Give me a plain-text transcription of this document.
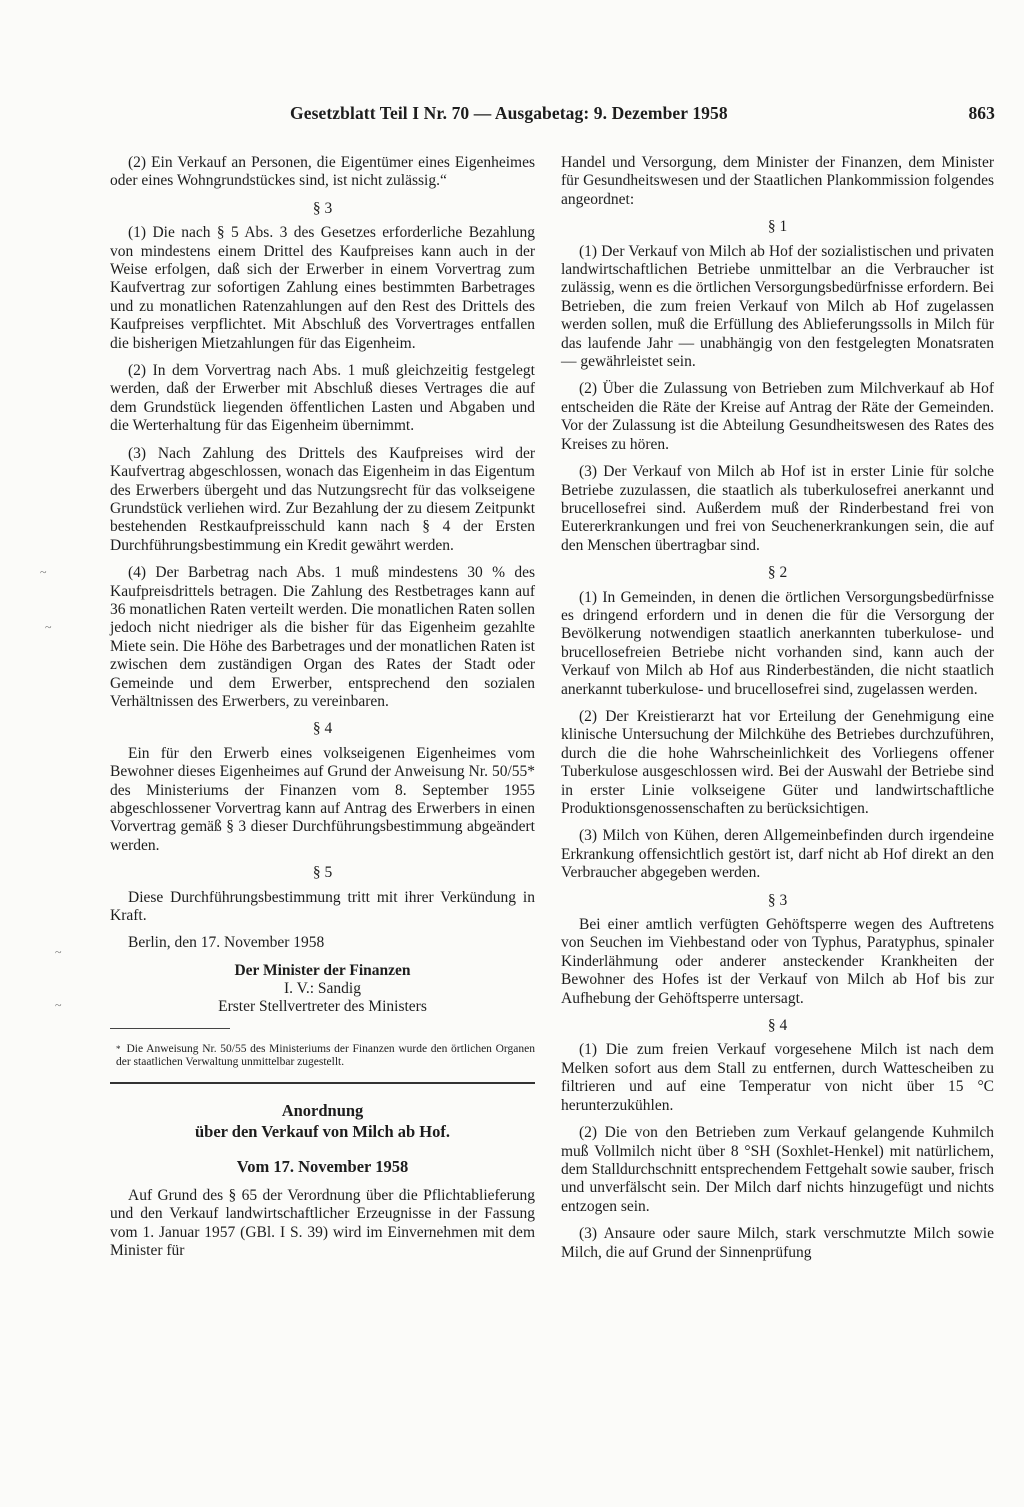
Gesetzblatt Teil I Nr. 70 — Ausgabetag: 9. Dezember 1958	863

(2) Ein Verkauf an Personen, die Eigentümer eines Eigenheimes oder eines Wohngrundstückes sind, ist nicht zulässig.“

§ 3

(1) Die nach § 5 Abs. 3 des Gesetzes erforderliche Bezahlung von mindestens einem Drittel des Kaufpreises kann auch in der Weise erfolgen, daß sich der Erwerber in einem Vorvertrag zum Kaufvertrag zur sofortigen Zahlung eines bestimmten Barbetrages und zu monatlichen Ratenzahlungen auf den Rest des Drittels des Kaufpreises verpflichtet. Mit Abschluß des Vorvertrages entfallen die bisherigen Mietzahlungen für das Eigenheim.

(2) In dem Vorvertrag nach Abs. 1 muß gleichzeitig festgelegt werden, daß der Erwerber mit Abschluß dieses Vertrages die auf dem Grundstück liegenden öffentlichen Lasten und Abgaben und die Werterhaltung für das Eigenheim übernimmt.

(3) Nach Zahlung des Drittels des Kaufpreises wird der Kaufvertrag abgeschlossen, wonach das Eigenheim in das Eigentum des Erwerbers übergeht und das Nutzungsrecht für das volkseigene Grundstück verliehen wird. Zur Bezahlung der zu diesem Zeitpunkt bestehenden Restkaufpreisschuld kann nach § 4 der Ersten Durchführungsbestimmung ein Kredit gewährt werden.

(4) Der Barbetrag nach Abs. 1 muß mindestens 30 % des Kaufpreisdrittels betragen. Die Zahlung des Restbetrages kann auf 36 monatlichen Raten verteilt werden. Die monatlichen Raten sollen jedoch nicht niedriger als die bisher für das Eigenheim gezahlte Miete sein. Die Höhe des Barbetrages und der monatlichen Raten ist zwischen dem zuständigen Organ des Rates der Stadt oder Gemeinde und dem Erwerber, entsprechend den sozialen Verhältnissen des Erwerbers, zu vereinbaren.

§ 4

Ein für den Erwerb eines volkseigenen Eigenheimes vom Bewohner dieses Eigenheimes auf Grund der Anweisung Nr. 50/55* des Ministeriums der Finanzen vom 8. September 1955 abgeschlossener Vorvertrag kann auf Antrag des Erwerbers in einen Vorvertrag gemäß § 3 dieser Durchführungsbestimmung abgeändert werden.

§ 5

Diese Durchführungsbestimmung tritt mit ihrer Verkündung in Kraft.

Berlin, den 17. November 1958

Der Minister der Finanzen
I. V.: Sandig
Erster Stellvertreter des Ministers
* Die Anweisung Nr. 50/55 des Ministeriums der Finanzen wurde den örtlichen Organen der staatlichen Verwaltung unmittelbar zugestellt.
Anordnung
über den Verkauf von Milch ab Hof.
Vom 17. November 1958

Auf Grund des § 65 der Verordnung über die Pflichtablieferung und den Verkauf landwirtschaftlicher Erzeugnisse in der Fassung vom 1. Januar 1957 (GBl. I S. 39) wird im Einvernehmen mit dem Minister für

Handel und Versorgung, dem Minister der Finanzen, dem Minister für Gesundheitswesen und der Staatlichen Plankommission folgendes angeordnet:

§ 1

(1) Der Verkauf von Milch ab Hof der sozialistischen und privaten landwirtschaftlichen Betriebe unmittelbar an die Verbraucher ist zulässig, wenn es die örtlichen Versorgungsbedürfnisse erfordern. Bei Betrieben, die zum freien Verkauf von Milch ab Hof zugelassen werden sollen, muß die Erfüllung des Ablieferungssolls in Milch für das laufende Jahr — unabhängig von den festgelegten Monatsraten — gewährleistet sein.

(2) Über die Zulassung von Betrieben zum Milchverkauf ab Hof entscheiden die Räte der Kreise auf Antrag der Räte der Gemeinden. Vor der Zulassung ist die Abteilung Gesundheitswesen des Rates des Kreises zu hören.

(3) Der Verkauf von Milch ab Hof ist in erster Linie für solche Betriebe zuzulassen, die staatlich als tuberkulosefrei anerkannt und brucellosefrei sind. Außerdem muß der Rinderbestand frei von Eutererkrankungen und frei von Seuchenerkrankungen sein, die auf den Menschen übertragbar sind.

§ 2

(1) In Gemeinden, in denen die örtlichen Versorgungsbedürfnisse es dringend erfordern und in denen die für die Versorgung der Bevölkerung notwendigen staatlich anerkannten tuberkulose- und brucellosefreien Betriebe nicht vorhanden sind, kann auch der Verkauf von Milch ab Hof aus Rinderbeständen, die nicht staatlich anerkannt tuberkulose- und brucellosefrei sind, zugelassen werden.

(2) Der Kreistierarzt hat vor Erteilung der Genehmigung eine klinische Untersuchung der Milchkühe des Betriebes durchzuführen, durch die die hohe Wahrscheinlichkeit des Vorliegens offener Tuberkulose ausgeschlossen wird. Bei der Auswahl der Betriebe sind in erster Linie volkseigene Güter und landwirtschaftliche Produktionsgenossenschaften zu berücksichtigen.

(3) Milch von Kühen, deren Allgemeinbefinden durch irgendeine Erkrankung offensichtlich gestört ist, darf nicht ab Hof direkt an den Verbraucher abgegeben werden.

§ 3

Bei einer amtlich verfügten Gehöftsperre wegen des Auftretens von Seuchen im Viehbestand oder von Typhus, Paratyphus, spinaler Kinderlähmung oder anderer ansteckender Krankheiten der Bewohner des Hofes ist der Verkauf von Milch ab Hof bis zur Aufhebung der Gehöftsperre untersagt.

§ 4

(1) Die zum freien Verkauf vorgesehene Milch ist nach dem Melken sofort aus dem Stall zu entfernen, durch Wattescheiben zu filtrieren und auf eine Temperatur von nicht über 15 °C herunterzukühlen.

(2) Die von den Betrieben zum Verkauf gelangende Kuhmilch muß Vollmilch nicht über 8 °SH (Soxhlet-Henkel) mit natürlichem, dem Stalldurchschnitt entsprechendem Fettgehalt sowie sauber, frisch und unverfälscht sein. Der Milch darf nichts hinzugefügt und nichts entzogen sein.

(3) Ansaure oder saure Milch, stark verschmutzte Milch sowie Milch, die auf Grund der Sinnenprüfung

~
~
~
~
